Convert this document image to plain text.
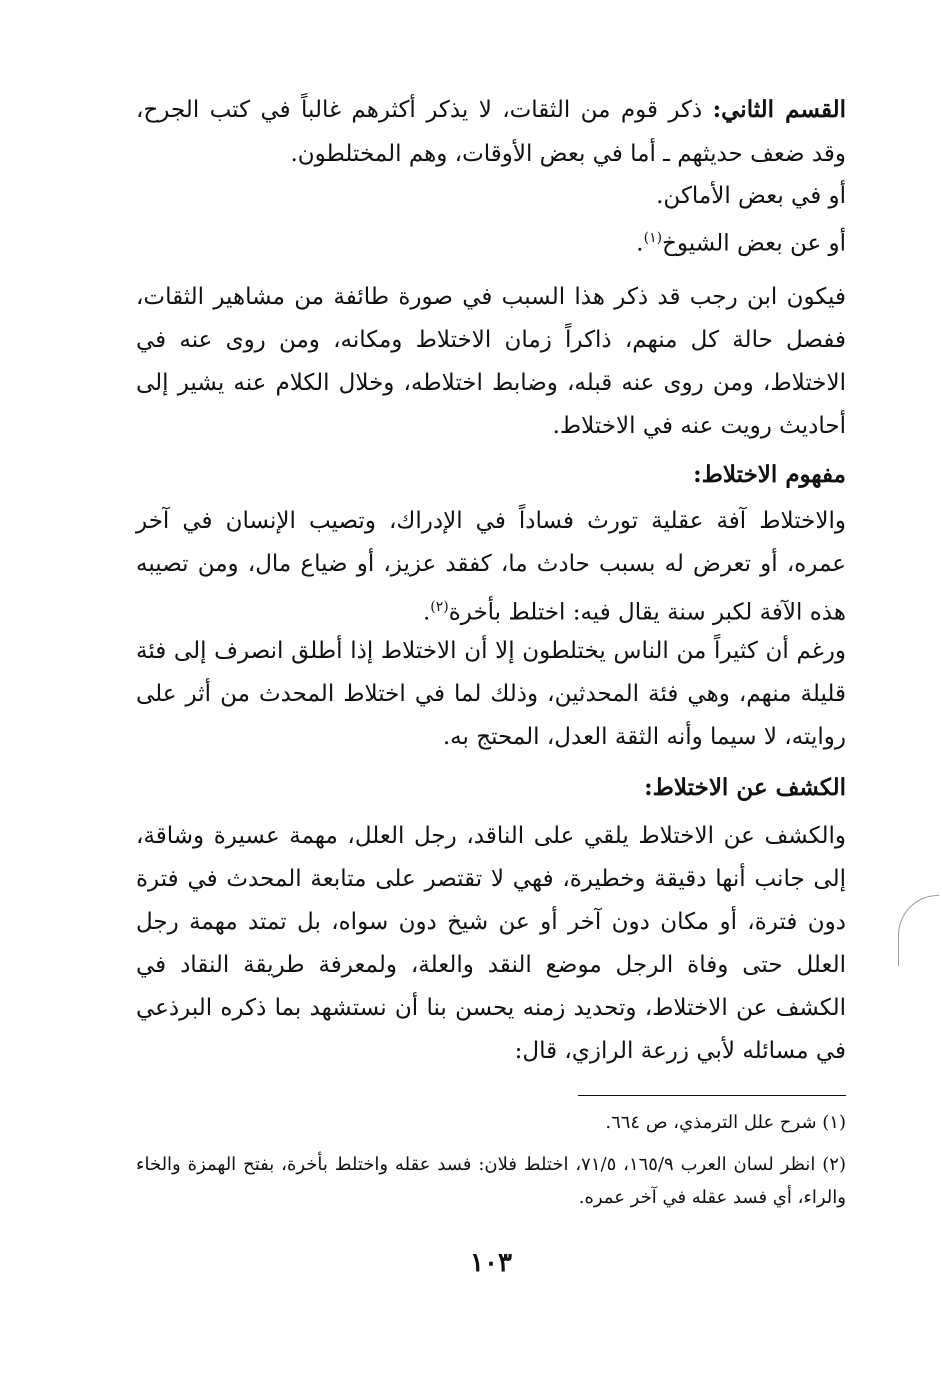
القسم الثاني: ذكر قوم من الثقات، لا يذكر أكثرهم غالباً في كتب الجرح، وقد ضعف حديثهم ـ أما في بعض الأوقات، وهم المختلطون.
أو في بعض الأماكن.
أو عن بعض الشيوخ$^{(١)}$.
فيكون ابن رجب قد ذكر هذا السبب في صورة طائفة من مشاهير الثقات، ففصل حالة كل منهم، ذاكراً زمان الاختلاط ومكانه، ومن روى عنه في الاختلاط، ومن روى عنه قبله، وضابط اختلاطه، وخلال الكلام عنه يشير إلى أحاديث رويت عنه في الاختلاط.
مفهوم الاختلاط:
والاختلاط آفة عقلية تورث فساداً في الإدراك، وتصيب الإنسان في آخر عمره، أو تعرض له بسبب حادث ما، كفقد عزيز، أو ضياع مال، ومن تصيبه هذه الآفة لكبر سنة يقال فيه: اختلط بأخرة$^{(٢)}$.
ورغم أن كثيراً من الناس يختلطون إلا أن الاختلاط إذا أطلق انصرف إلى فئة قليلة منهم، وهي فئة المحدثين، وذلك لما في اختلاط المحدث من أثر على روايته، لا سيما وأنه الثقة العدل، المحتج به.
الكشف عن الاختلاط:
والكشف عن الاختلاط يلقي على الناقد، رجل العلل، مهمة عسيرة وشاقة، إلى جانب أنها دقيقة وخطيرة، فهي لا تقتصر على متابعة المحدث في فترة دون فترة، أو مكان دون آخر أو عن شيخ دون سواه، بل تمتد مهمة رجل العلل حتى وفاة الرجل موضع النقد والعلة، ولمعرفة طريقة النقاد في الكشف عن الاختلاط، وتحديد زمنه يحسن بنا أن نستشهد بما ذكره البرذعي في مسائله لأبي زرعة الرازي، قال:
(١) شرح علل الترمذي، ص ٦٦٤.
(٢) انظر لسان العرب ١٦٥/٩، ٧١/٥، اختلط فلان: فسد عقله واختلط بأخرة، بفتح الهمزة والخاء والراء، أي فسد عقله في آخر عمره.
١٠٣
